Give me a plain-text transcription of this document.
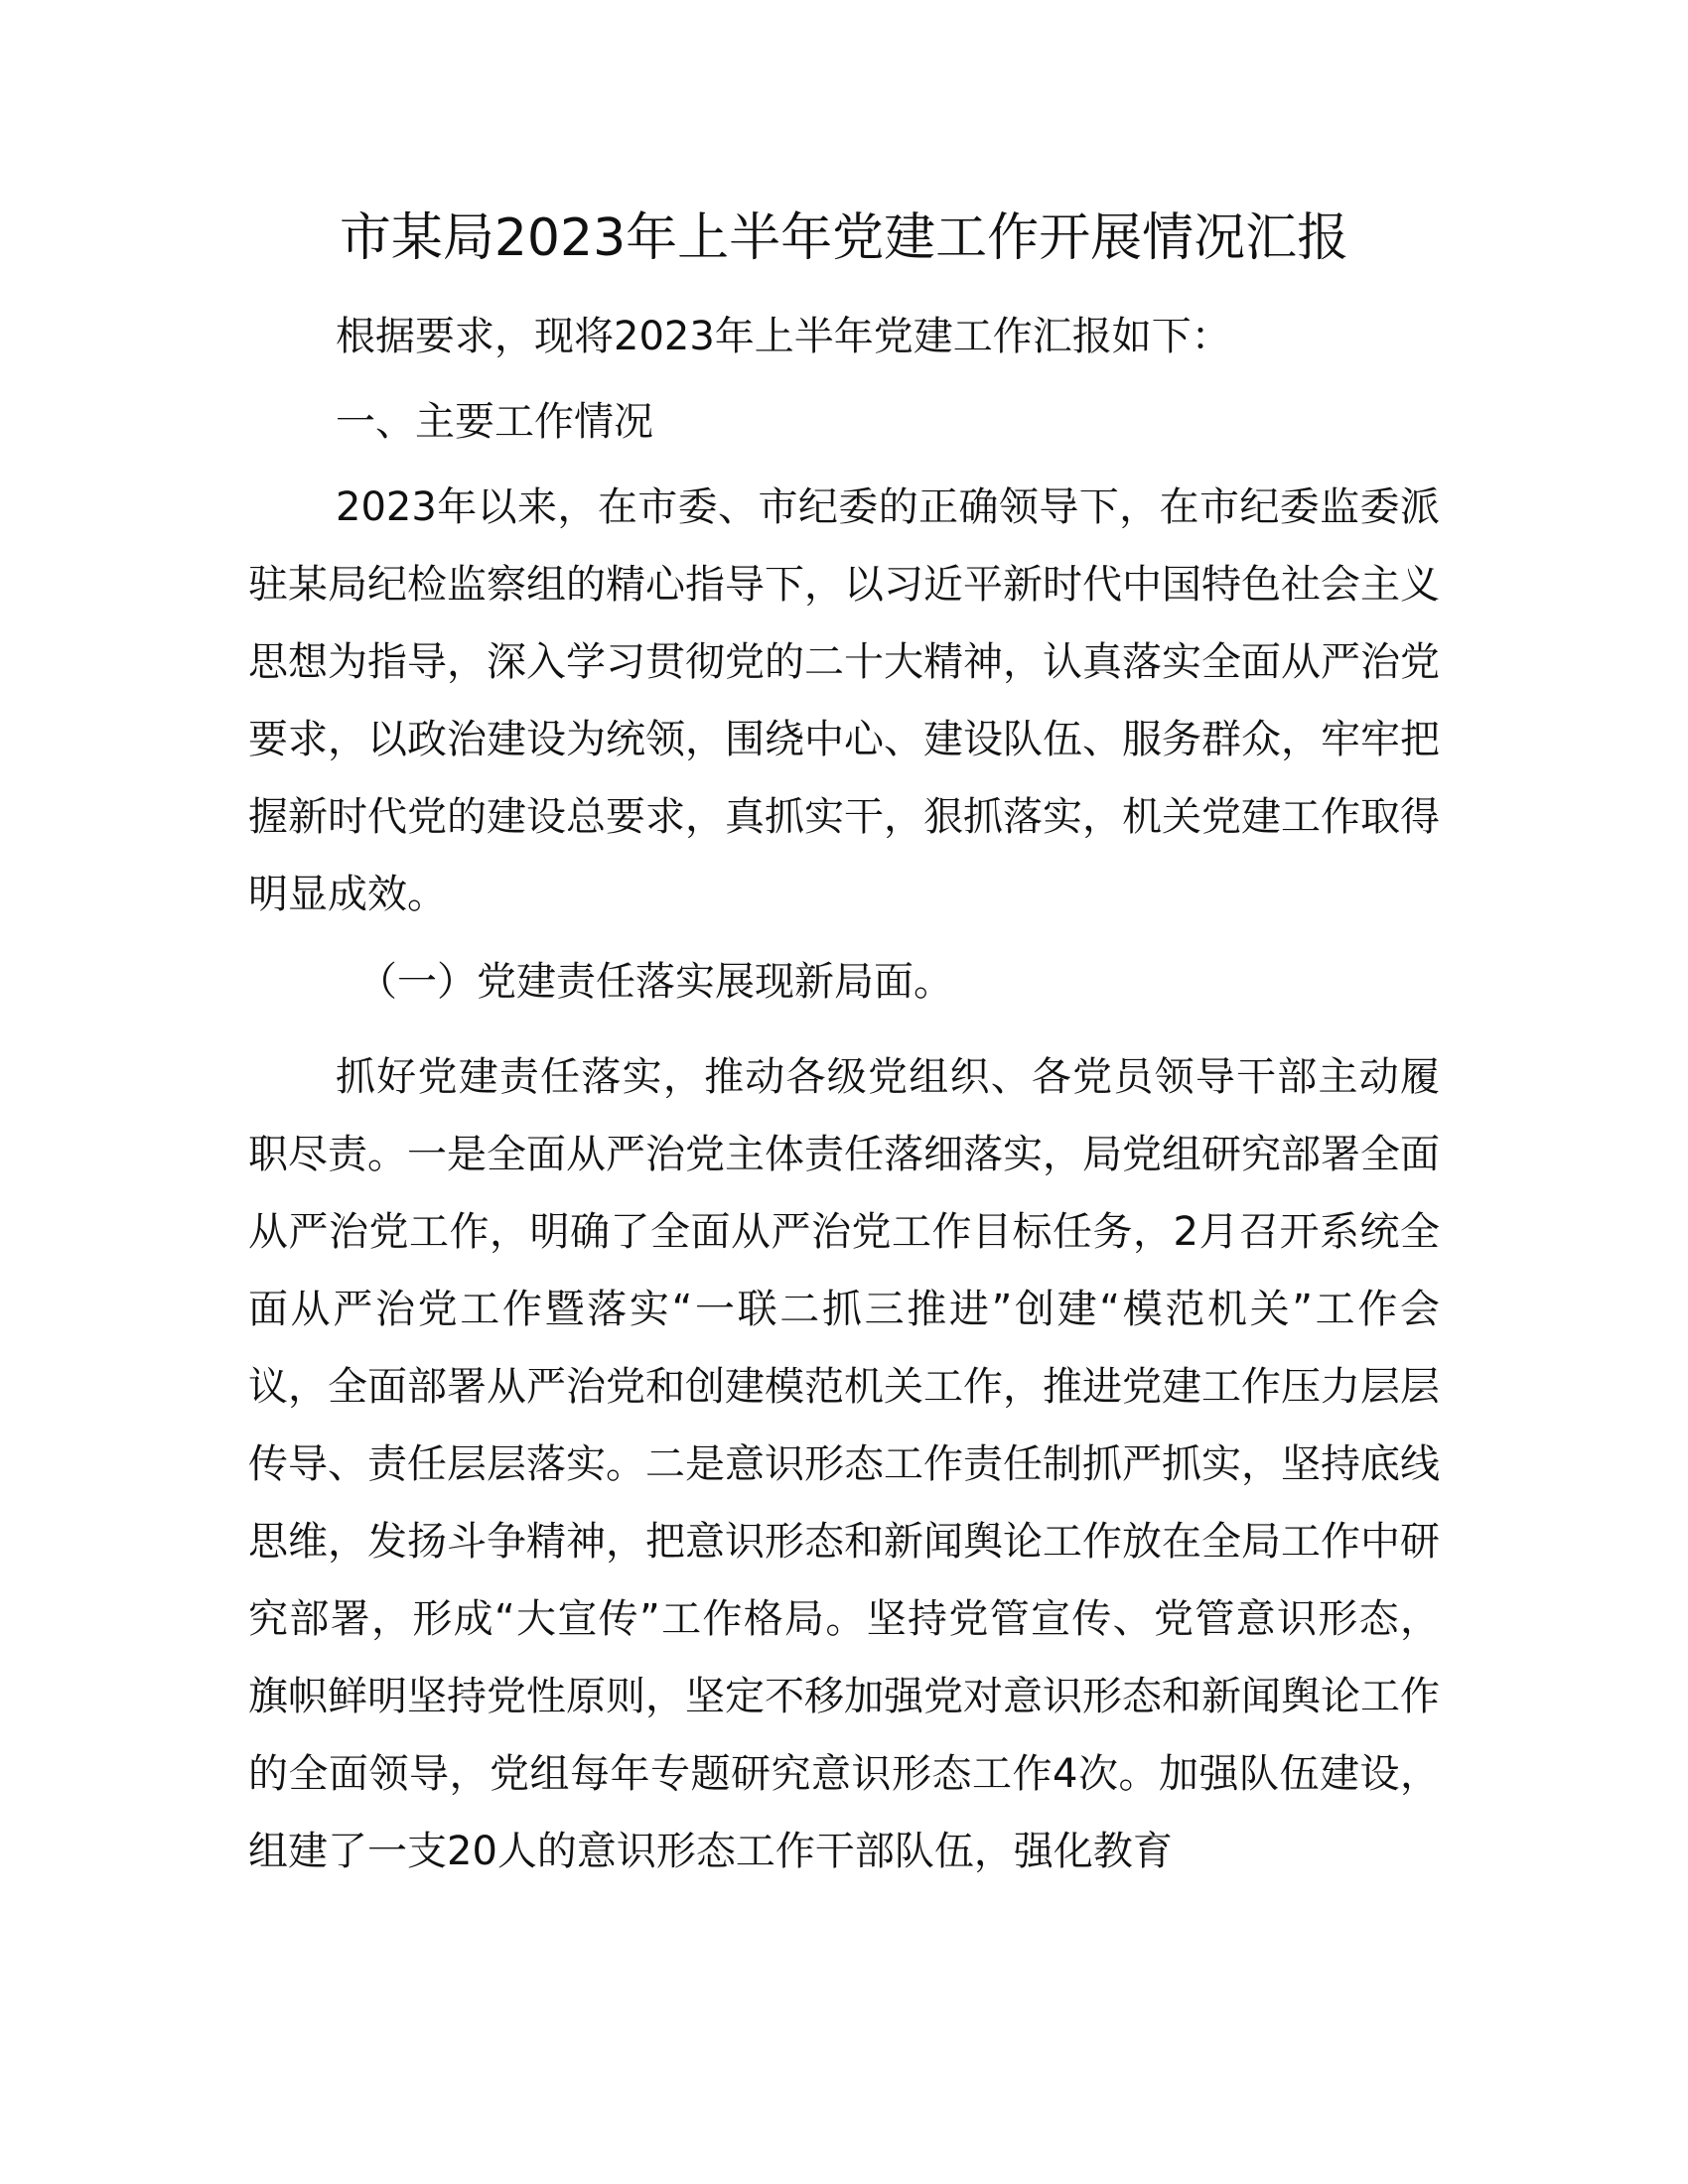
市某局2023年上半年党建工作开展情况汇报

根据要求，现将2023年上半年党建工作汇报如下：

一、主要工作情况

2023年以来，在市委、市纪委的正确领导下，在市纪委监委派驻某局纪检监察组的精心指导下，以习近平新时代中国特色社会主义思想为指导，深入学习贯彻党的二十大精神，认真落实全面从严治党要求，以政治建设为统领，围绕中心、建设队伍、服务群众，牢牢把握新时代党的建设总要求，真抓实干，狠抓落实，机关党建工作取得明显成效。

（一）党建责任落实展现新局面。

抓好党建责任落实，推动各级党组织、各党员领导干部主动履职尽责。一是全面从严治党主体责任落细落实，局党组研究部署全面从严治党工作，明确了全面从严治党工作目标任务，2月召开系统全面从严治党工作暨落实“一联二抓三推进”创建“模范机关”工作会议，全面部署从严治党和创建模范机关工作，推进党建工作压力层层传导、责任层层落实。二是意识形态工作责任制抓严抓实，坚持底线思维，发扬斗争精神，把意识形态和新闻舆论工作放在全局工作中研究部署，形成“大宣传”工作格局。坚持党管宣传、党管意识形态，旗帜鲜明坚持党性原则，坚定不移加强党对意识形态和新闻舆论工作的全面领导，党组每年专题研究意识形态工作4次。加强队伍建设，组建了一支20人的意识形态工作干部队伍，强化教育
